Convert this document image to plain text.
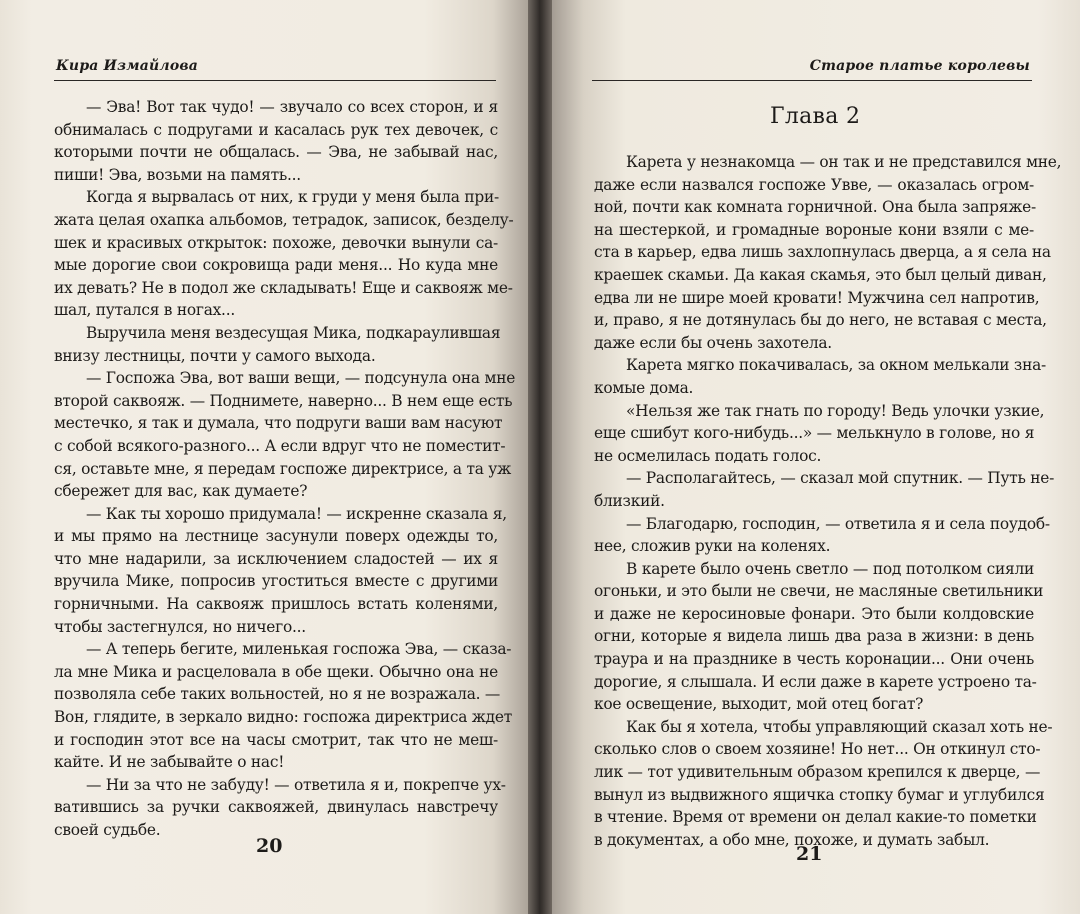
Кира Измайлова

— Эва! Вот так чудо! — звучало со всех сторон, и я
обнималась с подругами и касалась рук тех девочек, с
которыми почти не общалась. — Эва, не забывай нас,
пиши! Эва, возьми на память...
Когда я вырвалась от них, к груди у меня была при-
жата целая охапка альбомов, тетрадок, записок, безделу-
шек и красивых открыток: похоже, девочки вынули са-
мые дорогие свои сокровища ради меня... Но куда мне
их девать? Не в подол же складывать! Еще и саквояж ме-
шал, путался в ногах...
Выручила меня вездесущая Мика, подкараулившая
внизу лестницы, почти у самого выхода.
— Госпожа Эва, вот ваши вещи, — подсунула она мне
второй саквояж. — Поднимете, наверно... В нем еще есть
местечко, я так и думала, что подруги ваши вам насуют
с собой всякого-разного... А если вдруг что не поместит-
ся, оставьте мне, я передам госпоже директрисе, а та уж
сбережет для вас, как думаете?
— Как ты хорошо придумала! — искренне сказала я,
и мы прямо на лестнице засунули поверх одежды то,
что мне надарили, за исключением сладостей — их я
вручила Мике, попросив угоститься вместе с другими
горничными. На саквояж пришлось встать коленями,
чтобы застегнулся, но ничего...
— А теперь бегите, миленькая госпожа Эва, — сказа-
ла мне Мика и расцеловала в обе щеки. Обычно она не
позволяла себе таких вольностей, но я не возражала. —
Вон, глядите, в зеркало видно: госпожа директриса ждет
и господин этот все на часы смотрит, так что не меш-
кайте. И не забывайте о нас!
— Ни за что не забуду! — ответила я и, покрепче ух-
ватившись за ручки саквояжей, двинулась навстречу
своей судьбе.

20

Старое платье королевы

Глава 2
Карета у незнакомца — он так и не представился мне,
даже если назвался госпоже Увве, — оказалась огром-
ной, почти как комната горничной. Она была запряже-
на шестеркой, и громадные вороные кони взяли с ме-
ста в карьер, едва лишь захлопнулась дверца, а я села на
краешек скамьи. Да какая скамья, это был целый диван,
едва ли не шире моей кровати! Мужчина сел напротив,
и, право, я не дотянулась бы до него, не вставая с места,
даже если бы очень захотела.
Карета мягко покачивалась, за окном мелькали зна-
комые дома.
«Нельзя же так гнать по городу! Ведь улочки узкие,
еще сшибут кого-нибудь...» — мелькнуло в голове, но я
не осмелилась подать голос.
— Располагайтесь, — сказал мой спутник. — Путь не-
близкий.
— Благодарю, господин, — ответила я и села поудоб-
нее, сложив руки на коленях.
В карете было очень светло — под потолком сияли
огоньки, и это были не свечи, не масляные светильники
и даже не керосиновые фонари. Это были колдовские
огни, которые я видела лишь два раза в жизни: в день
траура и на празднике в честь коронации... Они очень
дорогие, я слышала. И если даже в карете устроено та-
кое освещение, выходит, мой отец богат?
Как бы я хотела, чтобы управляющий сказал хоть не-
сколько слов о своем хозяине! Но нет... Он откинул сто-
лик — тот удивительным образом крепился к дверце, —
вынул из выдвижного ящичка стопку бумаг и углубился
в чтение. Время от времени он делал какие-то пометки
в документах, а обо мне, похоже, и думать забыл.

21
